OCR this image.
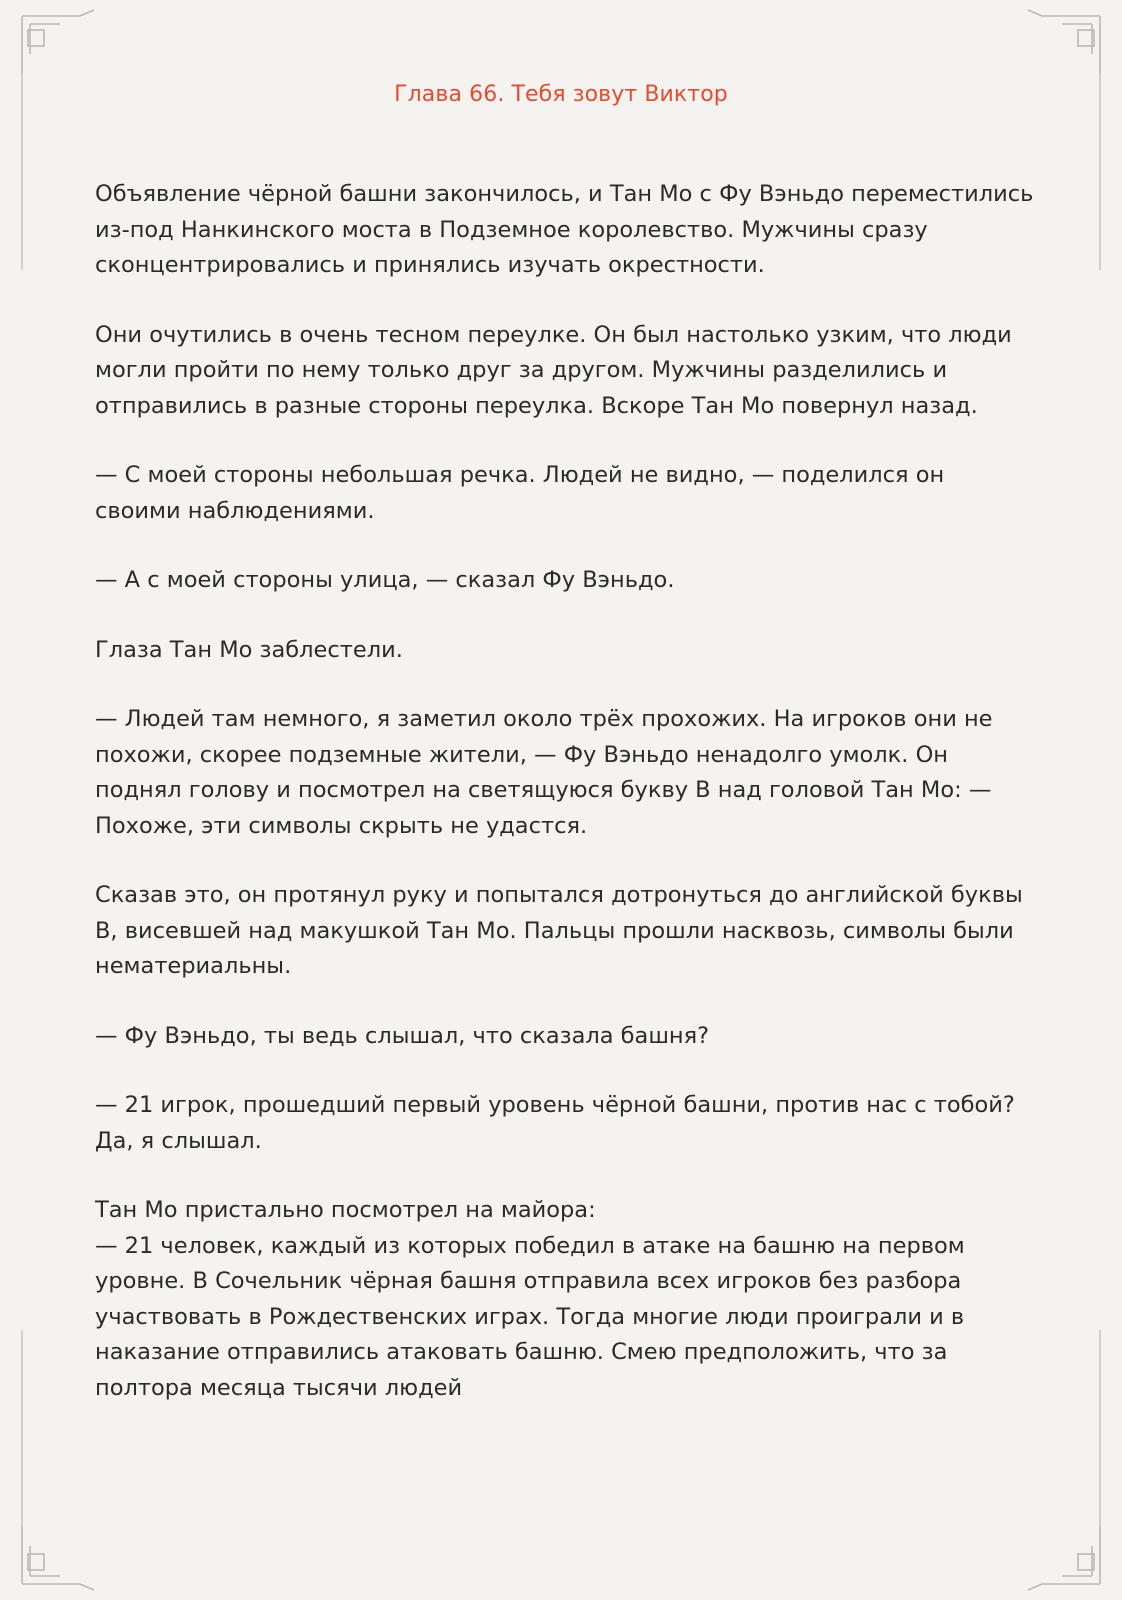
Глава 66. Тебя зовут Виктор

Объявление чёрной башни закончилось, и Тан Мо с Фу Вэньдо переместились из-под Нанкинского моста в Подземное королевство. Мужчины сразу сконцентрировались и принялись изучать окрестности.

Они очутились в очень тесном переулке. Он был настолько узким, что люди могли пройти по нему только друг за другом. Мужчины разделились и отправились в разные стороны переулка. Вскоре Тан Мо повернул назад.

— С моей стороны небольшая речка. Людей не видно, — поделился он своими наблюдениями.

— А с моей стороны улица, — сказал Фу Вэньдо.

Глаза Тан Мо заблестели.

— Людей там немного, я заметил около трёх прохожих. На игроков они не похожи, скорее подземные жители, — Фу Вэньдо ненадолго умолк. Он поднял голову и посмотрел на светящуюся букву B над головой Тан Мо: — Похоже, эти символы скрыть не удастся.

Сказав это, он протянул руку и попытался дотронуться до английской буквы B, висевшей над макушкой Тан Мо. Пальцы прошли насквозь, символы были нематериальны.

— Фу Вэньдо, ты ведь слышал, что сказала башня?

— 21 игрок, прошедший первый уровень чёрной башни, против нас с тобой? Да, я слышал.

Тан Мо пристально посмотрел на майора:

— 21 человек, каждый из которых победил в атаке на башню на первом уровне. В Сочельник чёрная башня отправила всех игроков без разбора участвовать в Рождественских играх. Тогда многие люди проиграли и в наказание отправились атаковать башню. Смею предположить, что за полтора месяца тысячи людей
